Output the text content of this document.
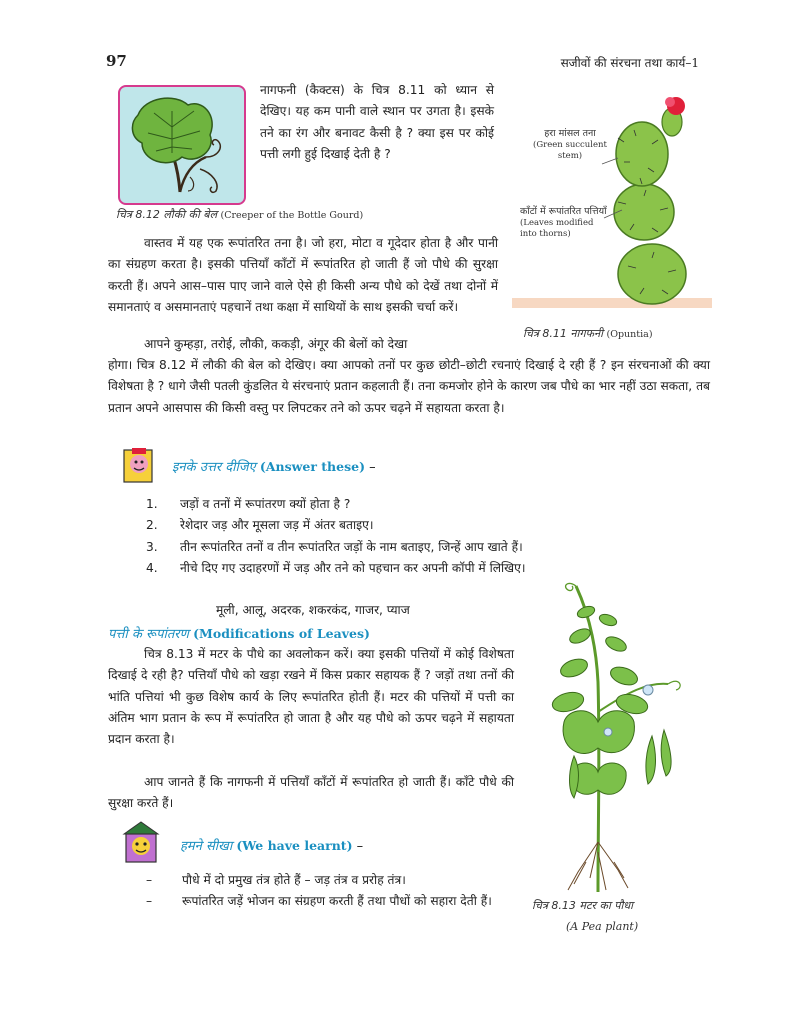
97	सजीवों की संरचना तथा कार्य–1
चित्र 8.12 लौकी की बेल (Creeper of the Bottle Gourd)
नागफनी (कैक्टस) के चित्र 8.11 को ध्यान से देखिए। यह कम पानी वाले स्थान पर उगता है। इसके तने का रंग और बनावट कैसी है ? क्या इस पर कोई पत्ती लगी हुई दिखाई देती है ?
हरा मांसल तना
(Green succulent stem)
काँटों में रूपांतरित पत्तियाँ
(Leaves modified into thorns)
चित्र 8.11 नागफनी (Opuntia)
वास्तव में यह एक रूपांतरित तना है। जो हरा, मोटा व गूदेदार होता है और पानी का संग्रहण करता है। इसकी पत्तियाँ काँटों में रूपांतरित हो जाती हैं जो पौधे की सुरक्षा करती हैं। अपने आस–पास पाए जाने वाले ऐसे ही किसी अन्य पौधे को देखें तथा दोनों में समानताएं व असमानताएं पहचानें तथा कक्षा में साथियों के साथ इसकी चर्चा करें।
आपने कुम्हड़ा, तरोई, लौकी, ककड़ी, अंगूर की बेलों को देखा
होगा। चित्र 8.12 में लौकी की बेल को देखिए। क्या आपको तनों पर कुछ छोटी–छोटी रचनाएं दिखाई दे रही हैं ? इन संरचनाओं की क्या विशेषता है ? धागे जैसी पतली कुंडलित ये संरचनाएं प्रतान कहलाती हैं। तना कमजोर होने के कारण जब पौधे का भार नहीं उठा सकता, तब प्रतान अपने आसपास की किसी वस्तु पर लिपटकर तने को ऊपर चढ़ने में सहायता करता है।
इनके उत्तर दीजिए (Answer these) –
1. जड़ों व तनों में रूपांतरण क्यों होता है ?
2. रेशेदार जड़ और मूसला जड़ में अंतर बताइए।
3. तीन रूपांतरित तनों व तीन रूपांतरित जड़ों के नाम बताइए, जिन्हें आप खाते हैं।
4. नीचे दिए गए उदाहरणों में जड़ और तने को पहचान कर अपनी कॉपी में लिखिए।
मूली, आलू, अदरक, शकरकंद, गाजर, प्याज
पत्ती के रूपांतरण (Modifications of Leaves)
चित्र 8.13 में मटर के पौधे का अवलोकन करें। क्या इसकी पत्तियों में कोई विशेषता दिखाई दे रही है? पत्तियाँ पौधे को खड़ा रखने में किस प्रकार सहायक हैं ? जड़ों तथा तनों की भांति पत्तियां भी कुछ विशेष कार्य के लिए रूपांतरित होती हैं। मटर की पत्तियों में पत्ती का अंतिम भाग प्रतान के रूप में रूपांतरित हो जाता है और यह पौधे को ऊपर चढ़ने में सहायता प्रदान करता है।
आप जानते हैं कि नागफनी में पत्तियाँ काँटों में रूपांतरित हो जाती हैं। काँटे पौधे की सुरक्षा करते हैं।
चित्र 8.13 मटर का पौधा
(A Pea plant)
हमने सीखा (We have learnt) –
– पौधे में दो प्रमुख तंत्र होते हैं – जड़ तंत्र व प्ररोह तंत्र।
– रूपांतरित जड़ें भोजन का संग्रहण करती हैं तथा पौधों को सहारा देती हैं।
